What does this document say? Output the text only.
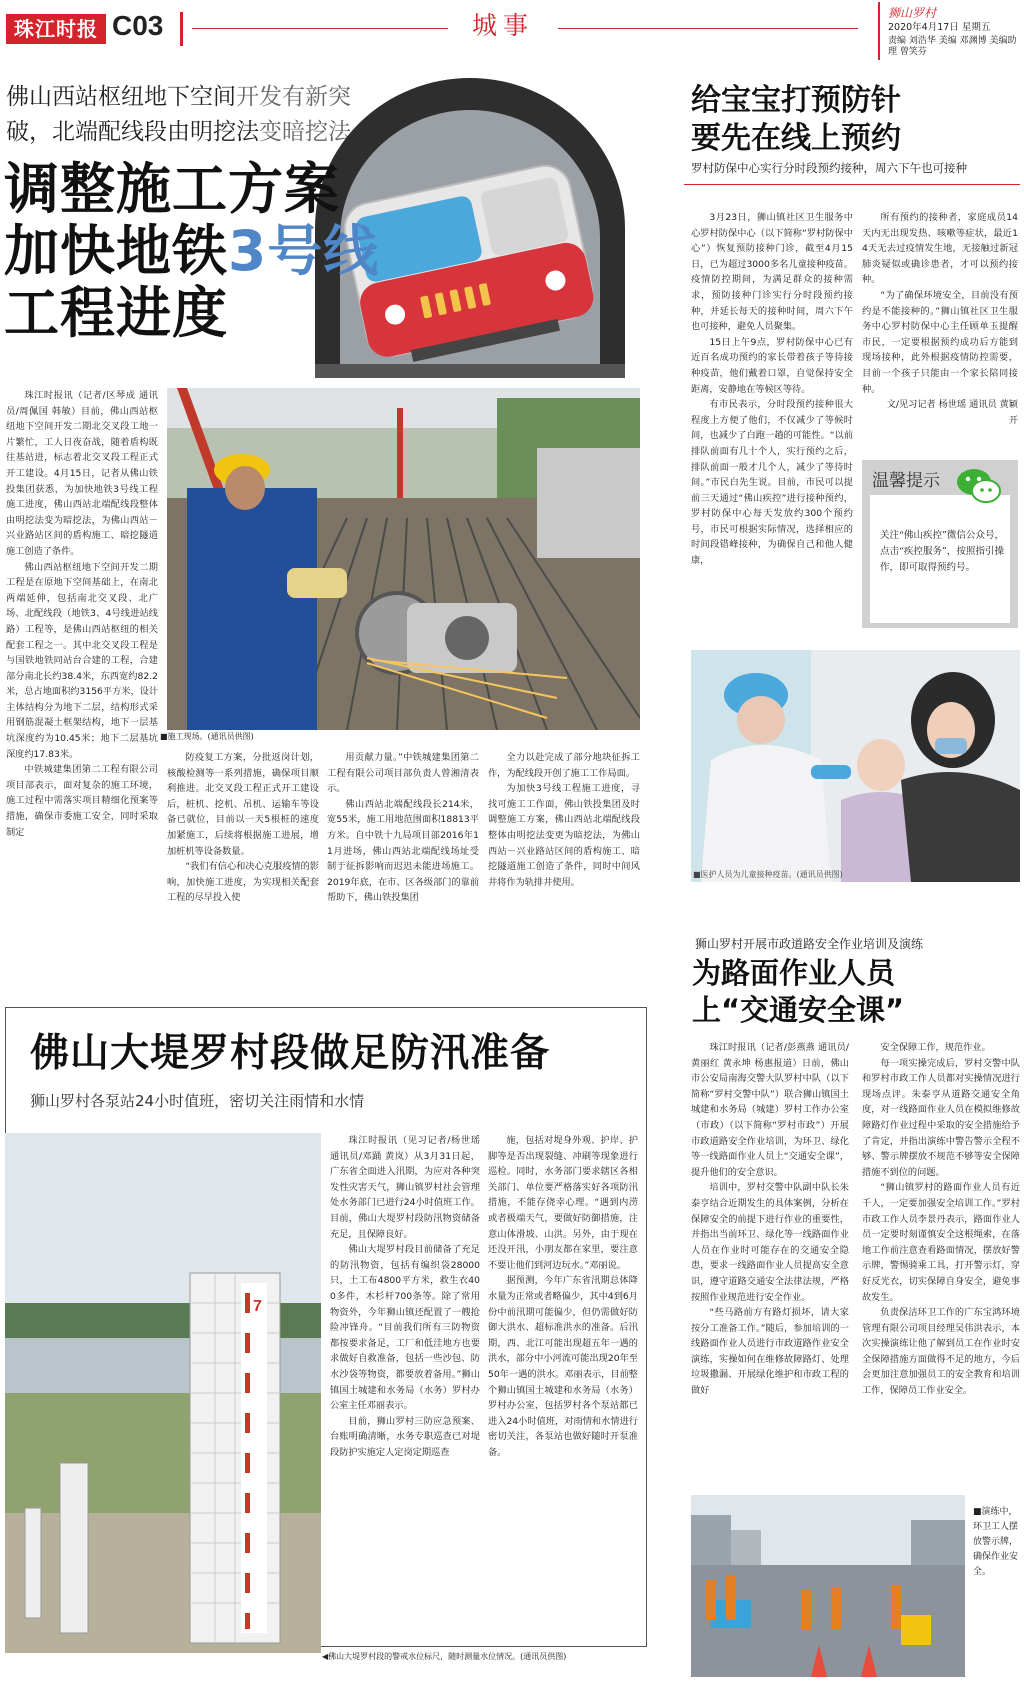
珠江时报 C03	城事	狮山罗村
2020年4月17日 星期五
责编 刘浩华 美编 邓渊博 美编助理 曾笑芬
佛山西站枢纽地下空间开发有新突
破，北端配线段由明挖法变暗挖法
调整施工方案
加快地铁3号线
工程进度

珠江时报讯（记者/区琴成 通讯员/周佩国 韩敏）目前，佛山西站枢纽地下空间开发二期北交叉段工地一片繁忙，工人日夜奋战，随着盾构既往基站进，标志着北交叉段工程正式开工建设。4月15日，记者从佛山铁投集团获悉，为加快地铁3号线工程施工进度，佛山西站北端配线段整体由明挖法变为暗挖法，为佛山西站－兴业路站区间的盾构施工、暗挖隧道施工创造了条件。

佛山西站枢纽地下空间开发二期工程是在原地下空间基础上，在南北两端延伸，包括南北交叉段、北广场、北配线段（地铁3、4号线进站线路）工程等，是佛山西站枢纽的相关配套工程之一。其中北交叉段工程是与国铁地铁同站台合建的工程，合建部分南北长约38.4米，东西宽约82.2米，总占地面积约3156平方米，设计主体结构分为地下二层，结构形式采用钢筋混凝土框架结构，地下一层基坑深度约为10.45米；地下二层基坑深度约17.83米。

中铁城建集团第二工程有限公司项目部表示，面对复杂的施工环境，施工过程中需落实项目精细化预案等措施，确保市委施工安全，同时采取制定

■施工现场。(通讯员供图)

防疫复工方案，分批返岗计划，核酸检测等一系列措施，确保项目顺利推进。北交叉段工程正式开工建设后，桩机、挖机、吊机、运输车等设备已就位，目前以一天5根桩的速度加紧施工，后续将根据施工进展，增加桩机等设备数量。

“我们有信心和决心克服疫情的影响，加快施工进度，为实现相关配套工程的尽早投入使

用贡献力量。”中铁城建集团第二工程有限公司项目部负责人曾湘清表示。

佛山西站北端配线段长214米，宽55米，施工用地范围面积18813平方米。自中铁十九局项目部2016年11月进场，佛山西站北端配线场址受制于征拆影响而迟迟未能进场施工。2019年底，在市、区各级部门的靠前帮助下，佛山铁投集团

全力以赴完成了部分地块征拆工作，为配线段开创了施工工作局面。

为加快3号线工程施工进度，寻找可施工工作面，佛山铁投集团及时调整施工方案，佛山西站北端配线段整体由明挖法变更为暗挖法，为佛山西站－兴业路站区间的盾构施工、暗挖隧道施工创造了条件，同时中间风井将作为轨排井使用。

给宝宝打预防针
要先在线上预约
罗村防保中心实行分时段预约接种，周六下午也可接种

3月23日，狮山镇社区卫生服务中心罗村防保中心（以下简称“罗村防保中心”）恢复预防接种门诊，截至4月15日，已为超过3000多名儿童接种疫苗。疫情防控期间，为满足群众的接种需求，预防接种门诊实行分时段预约接种，并延长每天的接种时间，周六下午也可接种，避免人员聚集。

15日上午9点，罗村防保中心已有近百名成功预约的家长带着孩子等待接种疫苗，他们戴着口罩，自觉保持安全距离，安静地在等候区等待。

有市民表示，分时段预约接种很大程度上方便了他们，不仅减少了等候时间，也减少了白跑一趟的可能性。“以前排队前面有几十个人，实行预约之后，排队前面一般才几个人，减少了等待时间。”市民白先生说。目前，市民可以提前三天通过“佛山疾控”进行接种预约，罗村防保中心每天发放约300个预约号，市民可根据实际情况，选择相应的时间段错峰接种，为确保自己和他人健康，

所有预约的接种者，家庭成员14天内无出现发热、咳嗽等症状，最近14天无去过疫情发生地，无接触过新冠肺炎疑似或确诊患者，才可以预约接种。

“为了确保环境安全，目前没有预约是不能接种的。”狮山镇社区卫生服务中心罗村防保中心主任顾单玉提醒市民，一定要根据预约成功后方能到现场接种，此外根据疫情防控需要，目前一个孩子只能由一个家长陪同接种。

文/见习记者 杨世瑶 通讯员 黄颖开

温馨提示
关注“佛山疾控”微信公众号，点击“疾控服务”，按照指引操作，即可取得预约号。
■医护人员为儿童接种疫苗。(通讯员供图)
佛山大堤罗村段做足防汛准备
狮山罗村各泵站24小时值班，密切关注雨情和水情
7
◀佛山大堤罗村段的警戒水位标尺，随时测量水位情况。(通讯员供图)

珠江时报讯（见习记者/杨世瑶 通讯员/邓踊 黄岚）从3月31日起，广东省全面进入汛期，为应对各种突发性灾害天气，狮山镇罗村社会管理处水务部门已进行24小时值班工作。目前，佛山大堤罗村段防汛物资储备充足，且保障良好。

佛山大堤罗村段目前储备了充足的防汛物资，包括有编织袋28000只，土工布4800平方米，救生衣400多件，木杉杆700条等。除了常用物资外，今年狮山镇还配置了一艘抢险冲锋舟。“目前我们所有三防物资都按要求备足，工厂和低洼地方也要求做好自救准备，包括一些沙包、防水沙袋等物资，都要放着备用。”狮山镇国土城建和水务局（水务）罗村办公室主任邓丽表示。

目前，狮山罗村三防应急预案、台账明确清晰，水务专职巡查已对堤段防护实施定人定岗定期巡查

施，包括对堤身外观、护岸、护脚等是否出现裂缝、冲刷等现象进行巡检。同时，水务部门要求辖区各相关部门、单位要严格落实好各项防汛措施，不能存侥幸心理。“遇到内涝或者极端天气，要做好防御措施，注意山体滑坡、山洪。另外，由于现在还没开汛，小朋友都在家里，要注意不要让他们到河边玩水。”邓丽说。

据预测，今年广东省汛期总体降水量为正常或者略偏少，其中4到6月份中前汛期可能偏少，但仍需做好防御大洪水、超标准洪水的准备。后汛期，西、北江可能出现超五年一遇的洪水，部分中小河流可能出现20年至50年一遇的洪水。邓丽表示，目前整个狮山镇国土城建和水务局（水务）罗村办公室，包括罗村各个泵站都已进入24小时值班，对雨情和水情进行密切关注，各泵站也做好随时开泵准备。

狮山罗村开展市政道路安全作业培训及演练
为路面作业人员
上“交通安全课”

珠江时报讯（记者/彭燕燕 通讯员/黄丽红 黄永坤 杨惠报道）日前，佛山市公安局南海交警大队罗村中队（以下简称“罗村交警中队”）联合狮山镇国土城建和水务局（城建）罗村工作办公室（市政）（以下简称“罗村市政”）开展市政道路安全作业培训，为环卫、绿化等一线路面作业人员上“交通安全课”，提升他们的安全意识。

培训中，罗村交警中队副中队长朱泰亨结合近期发生的具体案例，分析在保障安全的前提下进行作业的重要性，并指出当前环卫、绿化等一线路面作业人员在作业时可能存在的交通安全隐患，要求一线路面作业人员提高安全意识，遵守道路交通安全法律法规，严格按照作业规范进行安全作业。

“些马路前方有路灯损坏，请大家按分工准备工作。”随后，参加培训的一线路面作业人员进行市政道路作业安全演练，实操如何在维修故障路灯、处理垃圾撒漏、开展绿化维护和市政工程的做好

安全保障工作，规范作业。

每一项实操完成后，罗村交警中队和罗村市政工作人员都对实操情况进行现场点评。朱泰亨从道路交通安全角度，对一线路面作业人员在模拟维修故障路灯作业过程中采取的安全措施给予了肯定，并指出演练中警告警示全程不够、警示牌摆放不规范不够等安全保障措施不到位的问题。

“狮山镇罗村的路面作业人员有近千人，一定要加强安全培训工作。”罗村市政工作人员李景丹表示，路面作业人员一定要时刻谨慎安全这根绳索，在落地工作前注意查看路面情况，摆放好警示牌，警惕骑乘工具，打开警示灯，穿好反光衣，切实保障自身安全，避免事故发生。

负责保洁环卫工作的广东宝鸿环境管理有限公司项目经理吴伟洪表示，本次实操演练让他了解到员工在作业时安全保障措施方面做得不足的地方，今后会更加注意加强员工的安全教育和培训工作，保障员工作业安全。

■演练中，环卫工人摆放警示牌，确保作业安全。
